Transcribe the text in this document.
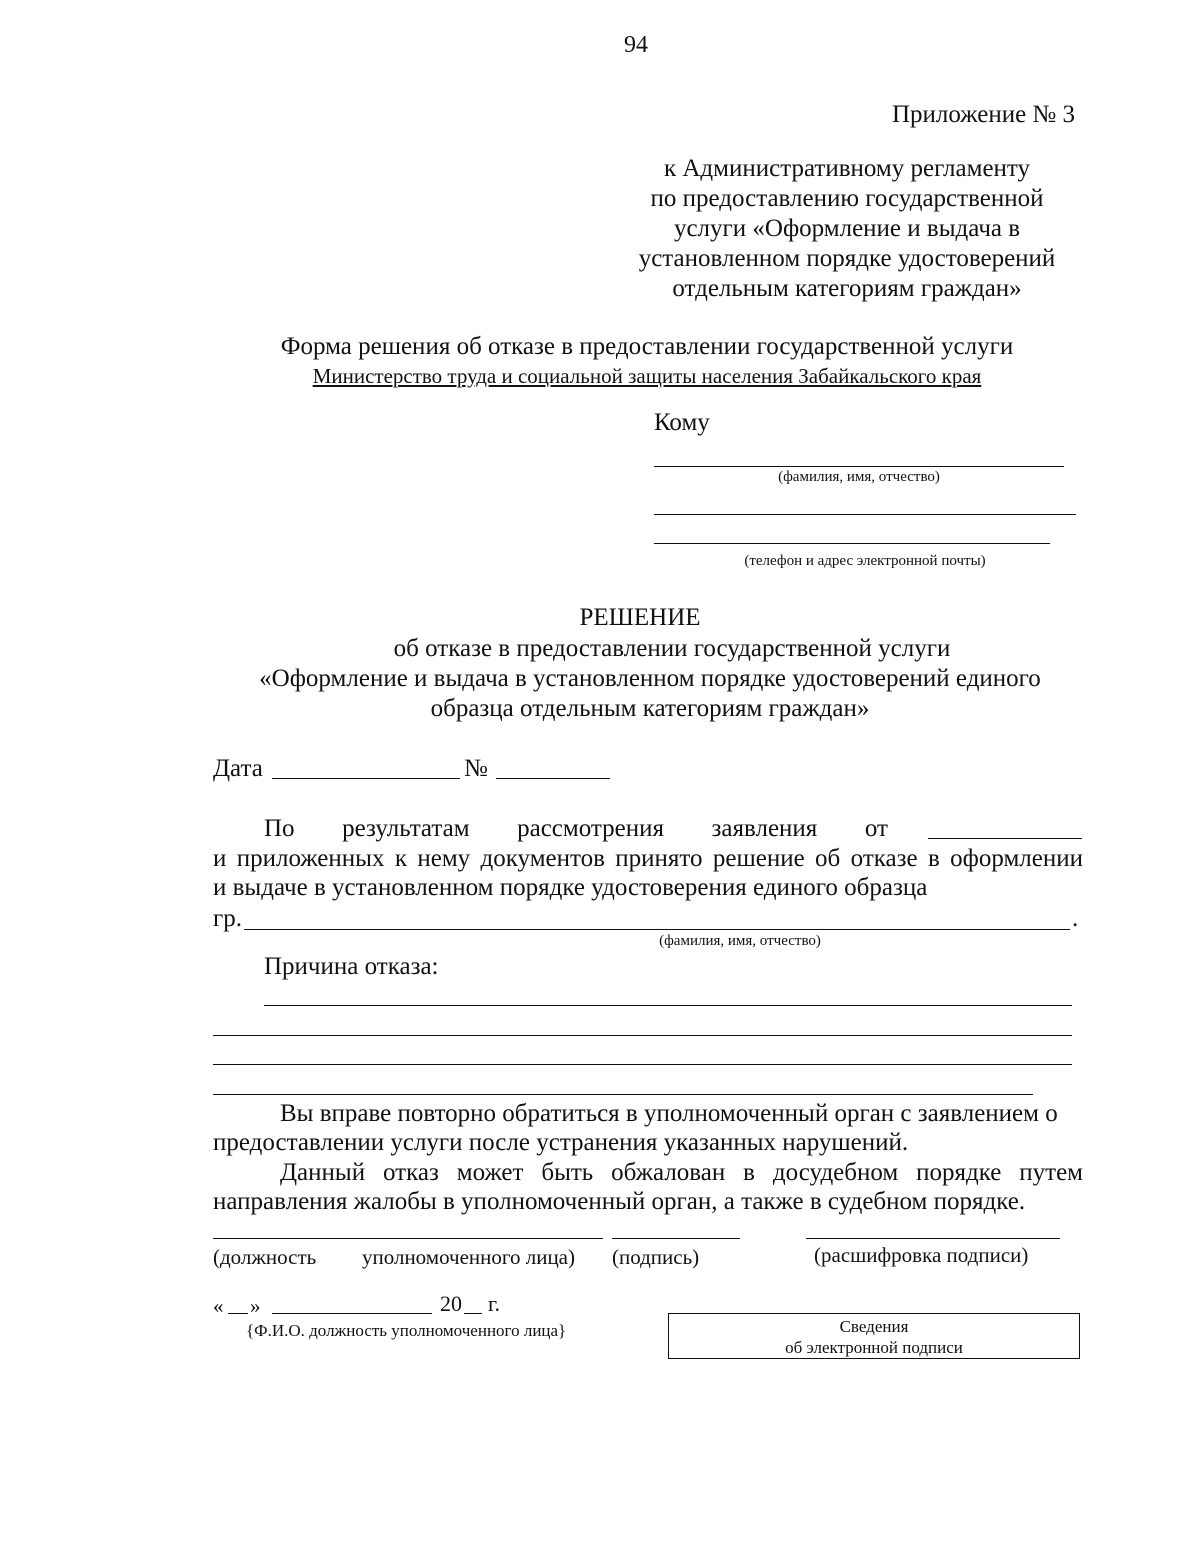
94
Приложение № 3
к Административному регламенту
по предоставлению государственной
услуги «Оформление и выдача в
установленном порядке удостоверений
отдельным категориям граждан»
Форма решения об отказе в предоставлении государственной услуги
Министерство труда и социальной защиты населения Забайкальского края
Кому
(фамилия, имя, отчество)
(телефон и адрес электронной почты)
РЕШЕНИЕ
об отказе в предоставлении государственной услуги
«Оформление и выдача в установленном порядке удостоверений единого
образца отдельным категориям граждан»
Дата	№
По результатам рассмотрения заявления от
и приложенных к нему документов принято решение об отказе в оформлении
и выдаче в установленном порядке удостоверения единого образца
гр.	.
(фамилия, имя, отчество)
Причина отказа:
Вы вправе повторно обратиться в уполномоченный орган с заявлением о
предоставлении услуги после устранения указанных нарушений.
Данный отказ может быть обжалован в досудебном порядке путем
направления жалобы в уполномоченный орган, а также в судебном порядке.
(должность уполномоченного лица) (подпись)	(расшифровка подписи)
« »	20 г.
{Ф.И.О. должность уполномоченного лица}	Сведения
об электронной подписи
